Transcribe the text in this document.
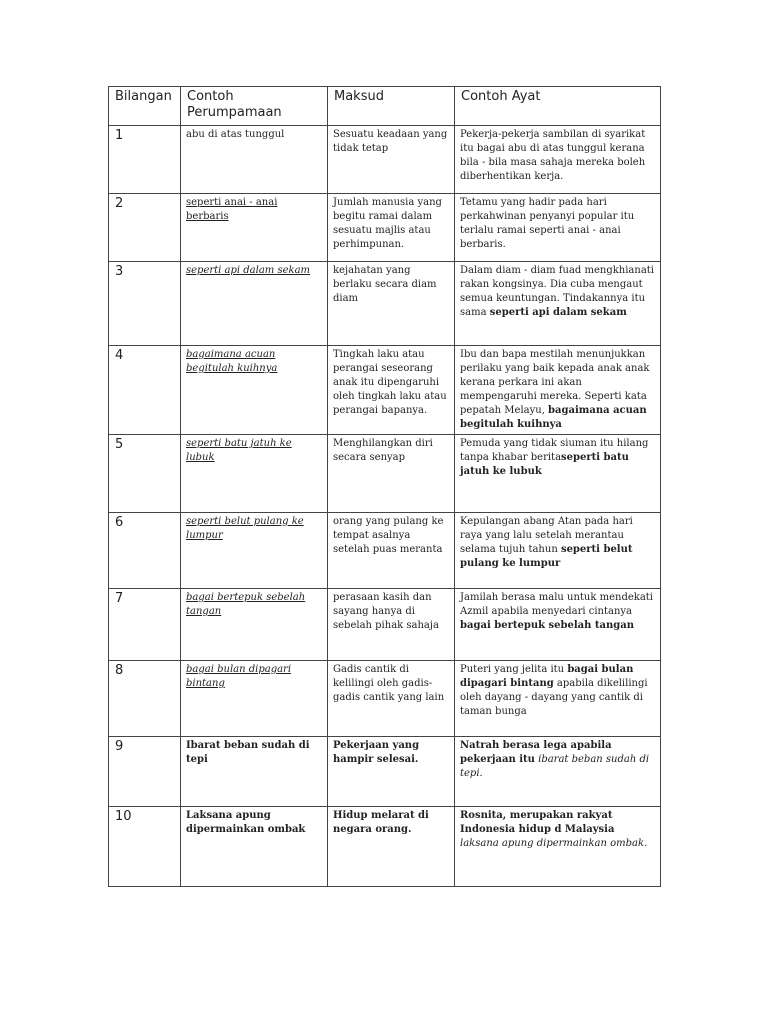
Bilangan	Contoh Perumpamaan	Maksud	Contoh Ayat
1	abu di atas tunggul	Sesuatu keadaan yang tidak tetap	Pekerja-pekerja sambilan di syarikat itu bagai abu di atas tunggul kerana bila - bila masa sahaja mereka boleh diberhentikan kerja.
2	seperti anai - anai berbaris	Jumlah manusia yang begitu ramai dalam sesuatu majlis atau perhimpunan.	Tetamu yang hadir pada hari perkahwinan penyanyi popular itu terlalu ramai seperti anai - anai berbaris.
3	seperti api dalam sekam	kejahatan yang berlaku secara diam diam	Dalam diam - diam fuad mengkhianati rakan kongsinya. Dia cuba mengaut semua keuntungan. Tindakannya itu sama seperti api dalam sekam
4	bagaimana acuan begitulah kuihnya	Tingkah laku atau perangai seseorang anak itu dipengaruhi oleh tingkah laku atau perangai bapanya.	Ibu dan bapa mestilah menunjukkan perilaku yang baik kepada anak anak kerana perkara ini akan mempengaruhi mereka. Seperti kata pepatah Melayu, bagaimana acuan begitulah kuihnya
5	seperti batu jatuh ke lubuk	Menghilangkan diri secara senyap	Pemuda yang tidak siuman itu hilang tanpa khabar beritaseperti batu jatuh ke lubuk
6	seperti belut pulang ke lumpur	orang yang pulang ke tempat asalnya setelah puas meranta	Kepulangan abang Atan pada hari raya yang lalu setelah merantau selama tujuh tahun seperti belut pulang ke lumpur
7	bagai bertepuk sebelah tangan	perasaan kasih dan sayang hanya di sebelah pihak sahaja	Jamilah berasa malu untuk mendekati Azmil apabila menyedari cintanya bagai bertepuk sebelah tangan
8	bagai bulan dipagari bintang	Gadis cantik di kelilingi oleh gadis-gadis cantik yang lain	Puteri yang jelita itu bagai bulan dipagari bintang apabila dikelilingi oleh dayang - dayang yang cantik di taman bunga
9	Ibarat beban sudah di tepi	Pekerjaan yang hampir selesai.	Natrah berasa lega apabila pekerjaan itu ibarat beban sudah di tepi.
10	Laksana apung dipermainkan ombak	Hidup melarat di negara orang.	Rosnita, merupakan rakyat Indonesia hidup d Malaysia laksana apung dipermainkan ombak.
